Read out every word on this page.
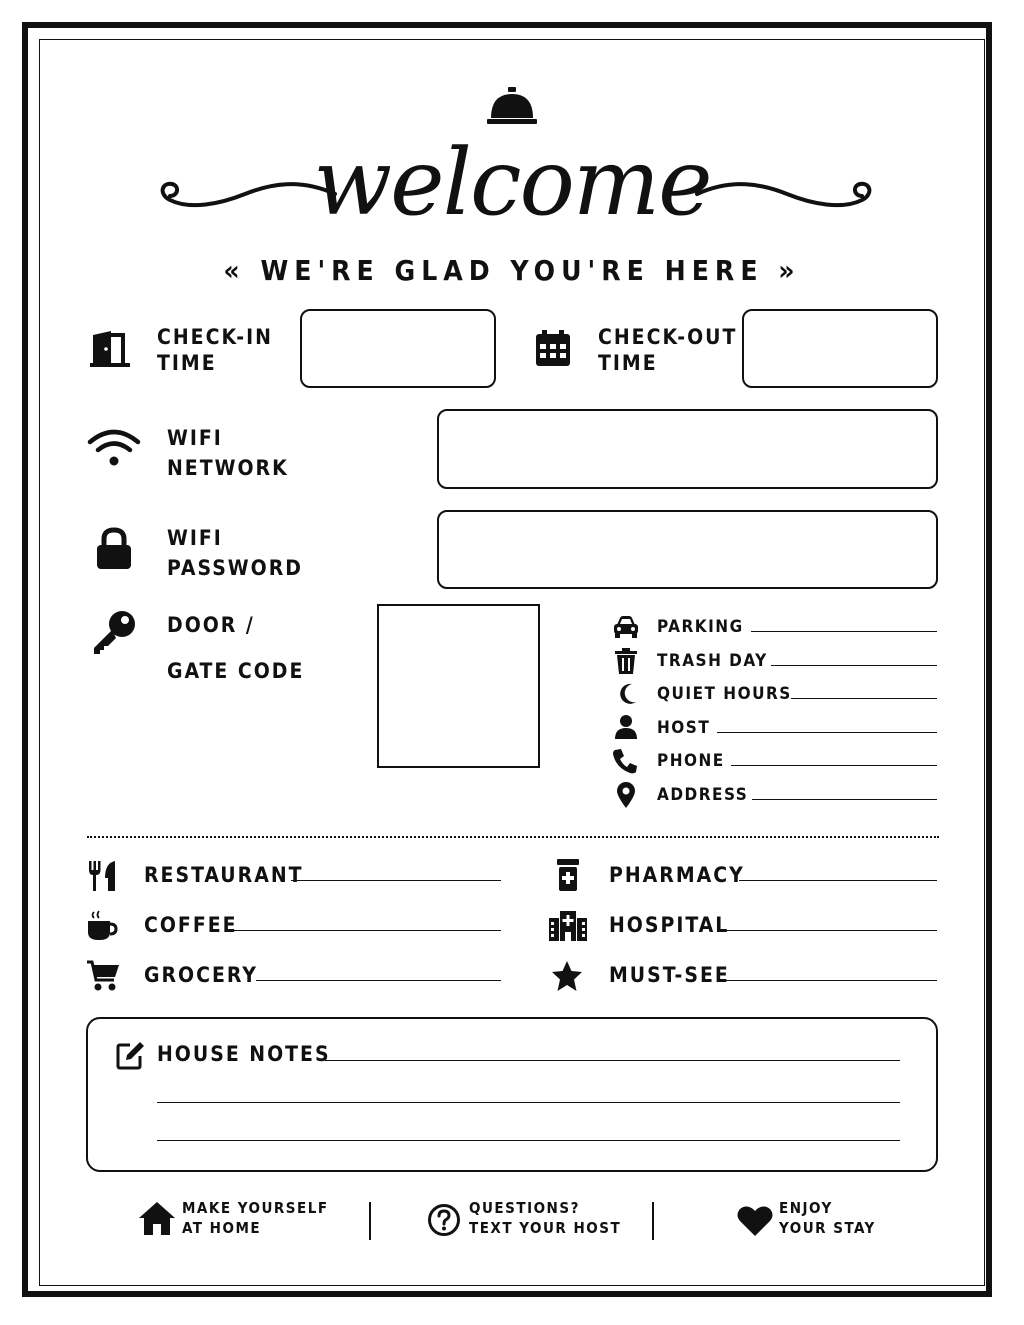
welcome
« WE'RE GLAD YOU'RE HERE »
CHECK-IN
TIME
CHECK-OUT
TIME
WIFI
NETWORK
WIFI
PASSWORD
DOOR /
GATE CODE
PARKING
TRASH DAY
QUIET HOURS
HOST
PHONE
ADDRESS
RESTAURANT
COFFEE
GROCERY
PHARMACY
HOSPITAL
MUST-SEE
HOUSE NOTES
MAKE YOURSELF
AT HOME
QUESTIONS?
TEXT YOUR HOST
ENJOY
YOUR STAY
